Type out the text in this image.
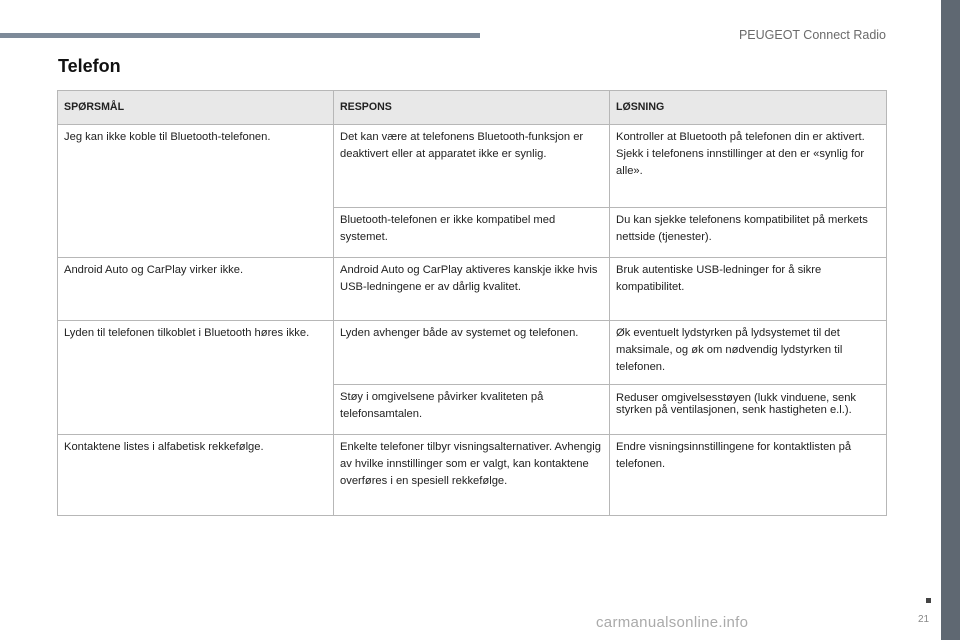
PEUGEOT Connect Radio
Telefon
SPØRSMÅL	RESPONS	LØSNING
Jeg kan ikke koble til Bluetooth-telefonen.	Det kan være at telefonens Bluetooth-funksjon er deaktivert eller at apparatet ikke er synlig.	Kontroller at Bluetooth på telefonen din er aktivert.
Sjekk i telefonens innstillinger at den er «synlig for alle».
	Bluetooth-telefonen er ikke kompatibel med systemet.	Du kan sjekke telefonens kompatibilitet på merkets nettside (tjenester).
Android Auto og CarPlay virker ikke.	Android Auto og CarPlay aktiveres kanskje ikke hvis USB-ledningene er av dårlig kvalitet.	Bruk autentiske USB-ledninger for å sikre kompatibilitet.
Lyden til telefonen tilkoblet i Bluetooth høres ikke.	Lyden avhenger både av systemet og telefonen.	Øk eventuelt lydstyrken på lydsystemet til det maksimale, og øk om nødvendig lydstyrken til telefonen.
	Støy i omgivelsene påvirker kvaliteten på telefonsamtalen.	Reduser omgivelsesstøyen (lukk vinduene, senk styrken på ventilasjonen, senk hastigheten e.l.).
Kontaktene listes i alfabetisk rekkefølge.	Enkelte telefoner tilbyr visningsalternativer. Avhengig av hvilke innstillinger som er valgt, kan kontaktene overføres i en spesiell rekkefølge.	Endre visningsinnstillingene for kontaktlisten på telefonen.
21
carmanualsonline.info
